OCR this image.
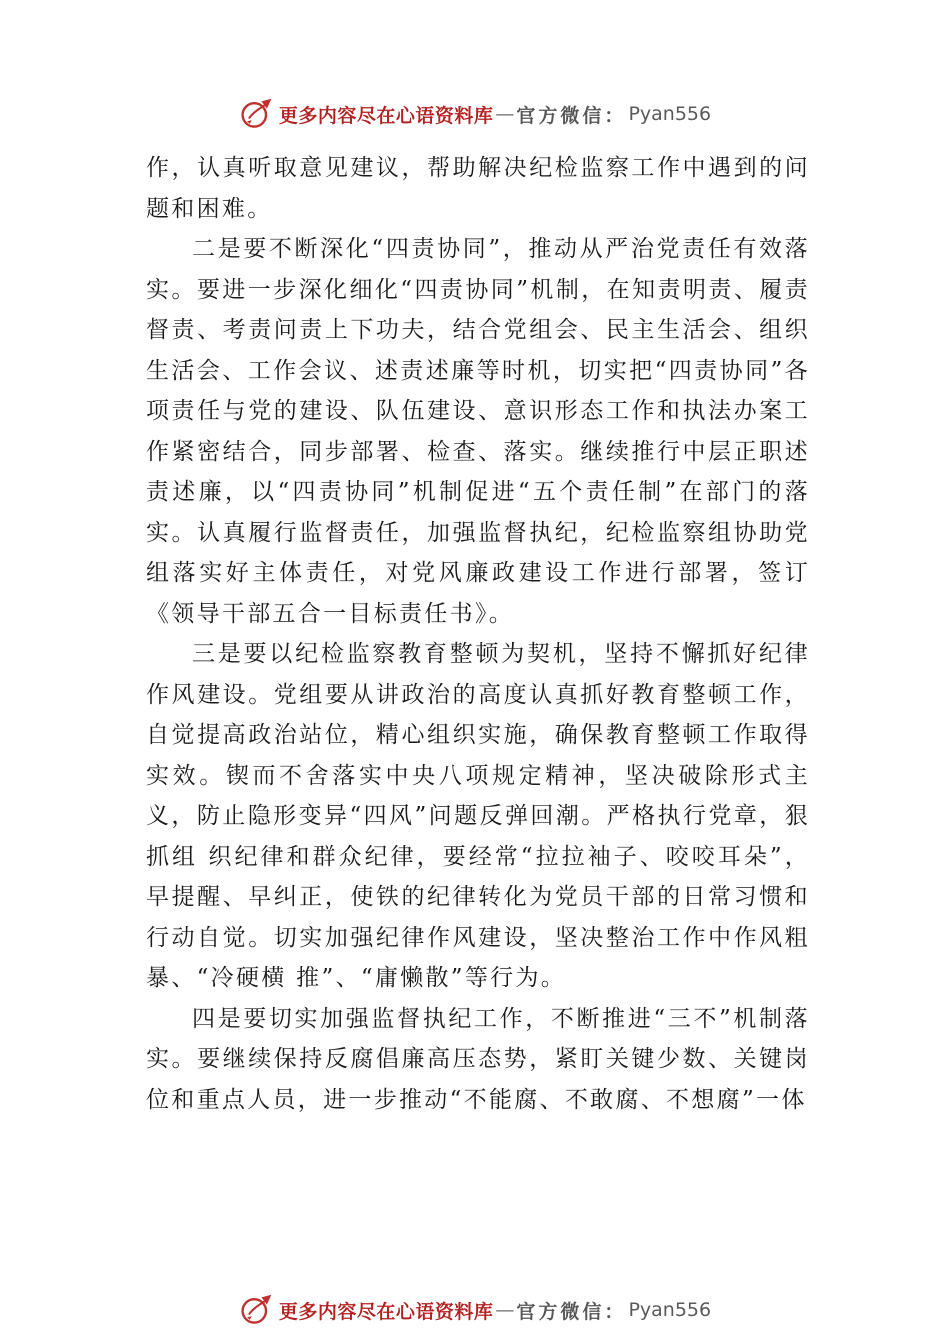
更多内容尽在心语资料库 — 官方微信： Pyan556

作，认真听取意见建议，帮助解决纪检监察工作中遇到的问题和困难。

二是要不断深化“四责协同”，推动从严治党责任有效落实。要进一步深化细化“四责协同”机制，在知责明责、履责督责、考责问责上下功夫，结合党组会、民主生活会、组织生活会、工作会议、述责述廉等时机，切实把“四责协同”各项责任与党的建设、队伍建设、意识形态工作和执法办案工作紧密结合，同步部署、检查、落实。继续推行中层正职述责述廉，以“四责协同”机制促进“五个责任制”在部门的落实。认真履行监督责任，加强监督执纪，纪检监察组协助党组落实好主体责任，对党风廉政建设工作进行部署，签订《领导干部五合一目标责任书》。

三是要以纪检监察教育整顿为契机，坚持不懈抓好纪律作风建设。党组要从讲政治的高度认真抓好教育整顿工作，自觉提高政治站位，精心组织实施，确保教育整顿工作取得实效。锲而不舍落实中央八项规定精神，坚决破除形式主义，防止隐形变异“四风”问题反弹回潮。严格执行党章，狠抓组 织纪律和群众纪律，要经常“拉拉袖子、咬咬耳朵”，早提醒、早纠正，使铁的纪律转化为党员干部的日常习惯和行动自觉。切实加强纪律作风建设，坚决整治工作中作风粗暴、“冷硬横 推”、“庸懒散”等行为。

四是要切实加强监督执纪工作，不断推进“三不”机制落实。要继续保持反腐倡廉高压态势，紧盯关键少数、关键岗位和重点人员，进一步推动“不能腐、不敢腐、不想腐”一体

更多内容尽在心语资料库 — 官方微信： Pyan556
